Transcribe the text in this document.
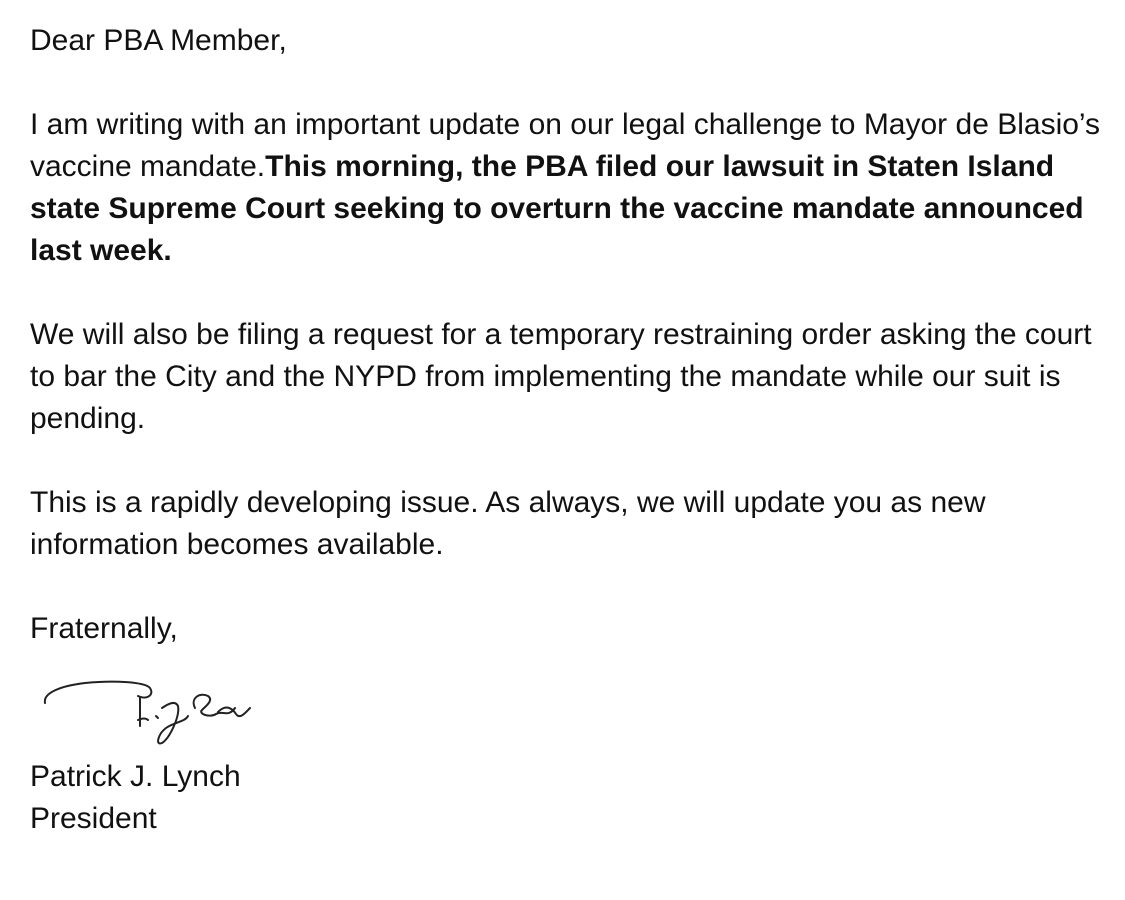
Dear PBA Member,

I am writing with an important update on our legal challenge to Mayor de Blasio’s vaccine mandate.This morning, the PBA filed our lawsuit in Staten Island state Supreme Court seeking to overturn the vaccine mandate announced last week.

We will also be filing a request for a temporary restraining order asking the court to bar the City and the NYPD from implementing the mandate while our suit is pending.

This is a rapidly developing issue. As always, we will update you as new information becomes available.

Fraternally,

Patrick J. Lynch

President
